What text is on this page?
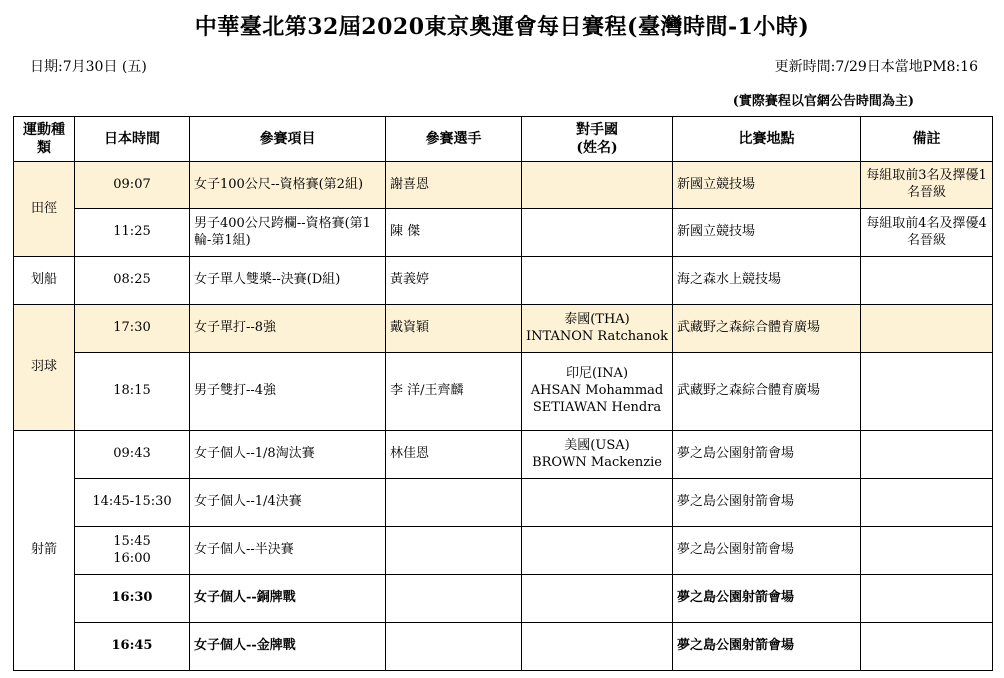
中華臺北第32屆2020東京奧運會每日賽程(臺灣時間-1小時)
日期:7月30日 (五)	更新時間:7/29日本當地PM8:16
(實際賽程以官網公告時間為主)
運動種類	日本時間	參賽項目	參賽選手	對手國
(姓名)	比賽地點	備註
田徑	09:07	女子100公尺--資格賽(第2組)	謝喜恩		新國立競技場	每組取前3名及擇優1名晉級
	11:25	男子400公尺跨欄--資格賽(第1輪-第1組)	陳 傑		新國立競技場	每組取前4名及擇優4名晉級
划船	08:25	女子單人雙槳--決賽(D組)	黃義婷		海之森水上競技場	
羽球	17:30	女子單打--8強	戴資穎	泰國(THA)
INTANON Ratchanok	武藏野之森綜合體育廣場	
	18:15	男子雙打--4強	李 洋/王齊麟	印尼(INA)
AHSAN Mohammad
SETIAWAN Hendra	武藏野之森綜合體育廣場	
射箭	09:43	女子個人--1/8淘汰賽	林佳恩	美國(USA)
BROWN Mackenzie	夢之島公園射箭會場	
	14:45-15:30	女子個人--1/4決賽			夢之島公園射箭會場	
	15:45
16:00	女子個人--半決賽			夢之島公園射箭會場	
	16:30	女子個人--銅牌戰			夢之島公園射箭會場	
	16:45	女子個人--金牌戰			夢之島公園射箭會場	
